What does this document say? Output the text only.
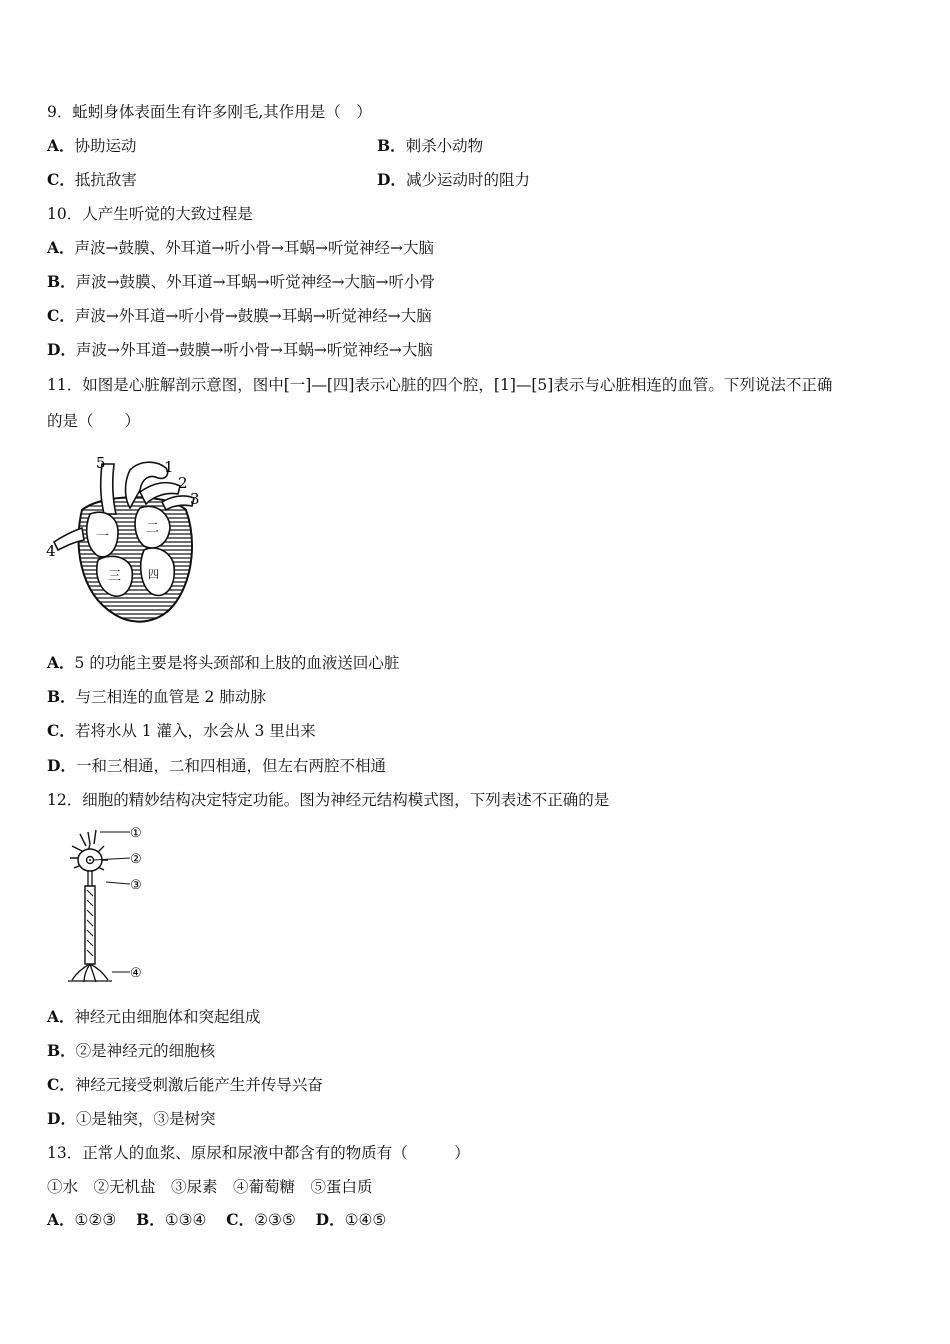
9．蚯蚓身体表面生有许多刚毛,其作用是（　）
A．协助运动	B．刺杀小动物
C．抵抗敌害	D．减少运动时的阻力
10．人产生听觉的大致过程是
A．声波→鼓膜、外耳道→听小骨→耳蜗→听觉神经→大脑
B．声波→鼓膜、外耳道→耳蜗→听觉神经→大脑→听小骨
C．声波→外耳道→听小骨→鼓膜→耳蜗→听觉神经→大脑
D．声波→外耳道→鼓膜→听小骨→耳蜗→听觉神经→大脑
11．如图是心脏解剖示意图，图中[一]—[四]表示心脏的四个腔，[1]—[5]表示与心脏相连的血管。下列说法不正确
的是（　　）
5	1
2
3
4
一
二
三 四
A．5 的功能主要是将头颈部和上肢的血液送回心脏
B．与三相连的血管是 2 肺动脉
C．若将水从 1 灌入，水会从 3 里出来
D．一和三相通，二和四相通，但左右两腔不相通
12．细胞的精妙结构决定特定功能。图为神经元结构模式图，下列表述不正确的是
①
②
③
④
A．神经元由细胞体和突起组成
B．②是神经元的细胞核
C．神经元接受刺激后能产生并传导兴奋
D．①是轴突，③是树突
13．正常人的血浆、原尿和尿液中都含有的物质有（　　　）
①水　②无机盐　③尿素　④葡萄糖　⑤蛋白质
A．①②③ B．①③④ C．②③⑤ D．①④⑤
